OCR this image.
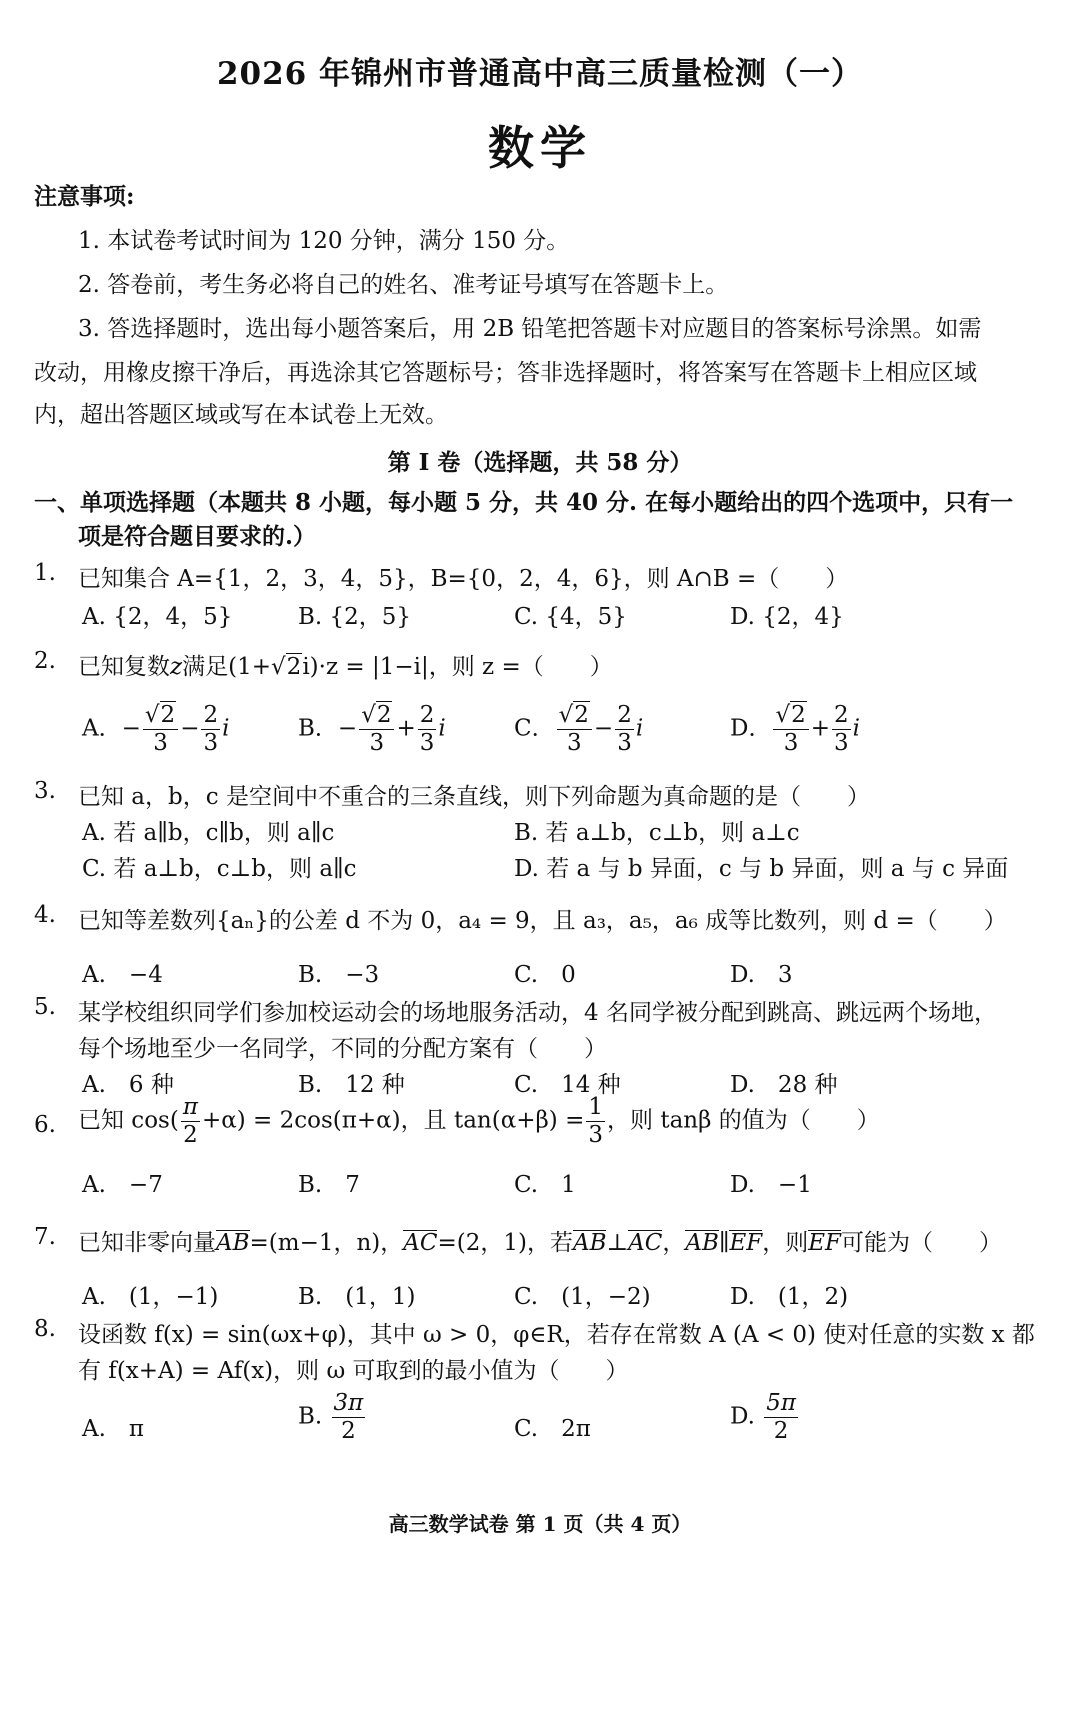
2026 年锦州市普通高中高三质量检测（一）
数学
注意事项:
1. 本试卷考试时间为 120 分钟，满分 150 分。
2. 答卷前，考生务必将自己的姓名、准考证号填写在答题卡上。
3. 答选择题时，选出每小题答案后，用 2B 铅笔把答题卡对应题目的答案标号涂黑。如需
改动，用橡皮擦干净后，再选涂其它答题标号；答非选择题时，将答案写在答题卡上相应区域
内，超出答题区域或写在本试卷上无效。
第 I 卷（选择题，共 58 分）
一、单项选择题（本题共 8 小题，每小题 5 分，共 40 分. 在每小题给出的四个选项中，只有一
项是符合题目要求的.）
1. 已知集合 A={1，2，3，4，5}，B={0，2，4，6}，则 A∩B =（　　）
A. {2，4，5}	B. {2，5}	C. {4，5}	D. {2，4}
2. 已知复数z满足(1+√2i)·z = |1−i|，则 z =（　　）
A．− $\frac{√2}{3} - \frac{2}{3}$ i	B．− $\frac{√2}{3} + \frac{2}{3}$ i	C． $\frac{√2}{3} - \frac{2}{3}$ i	D． $\frac{√2}{3} + \frac{2}{3}$ i
3. 已知 a，b，c 是空间中不重合的三条直线，则下列命题为真命题的是（　　）
A. 若 a∥b，c∥b，则 a∥c	B. 若 a⊥b，c⊥b，则 a⊥c
C. 若 a⊥b，c⊥b，则 a∥c	D. 若 a 与 b 异面，c 与 b 异面，则 a 与 c 异面
4. 已知等差数列{aₙ}的公差 d 不为 0，a₄ = 9，且 a₃，a₅，a₆ 成等比数列，则 d =（　　）
A.　−4	B.　−3	C.　0	D.　3
5. 某学校组织同学们参加校运动会的场地服务活动，4 名同学被分配到跳高、跳远两个场地，
每个场地至少一名同学，不同的分配方案有（　　）
A.　6 种	B.　12 种	C.　14 种	D.　28 种
6. 已知 $\cos( \frac{\pi}{2} +\alpha) = 2\cos(\pi+\alpha)$，且 $\tan(\alpha+\beta) = \frac{1}{3}$ ，则 tanβ 的值为（　　）
A.　−7	B.　7	C.　1	D.　−1
7. 已知非零向量
AB=(m−1，n)，
AC=(2，1)，若
AB⊥
AC，
AB∥
EF，则
EF可能为（　　）
A.　(1，−1)	B.　(1，1)	C.　(1，−2)	D.　(1，2)
8. 设函数 f(x) = sin(ωx+φ)，其中 ω > 0，φ∈R，若存在常数 A (A < 0) 使对任意的实数 x 都
有 f(x+A) = Af(x)，则 ω 可取到的最小值为（　　）
A.　π	B. $\frac{3\pi}{2}$	C.　2π	D. $\frac{5\pi}{2}$
高三数学试卷 第 1 页（共 4 页）
